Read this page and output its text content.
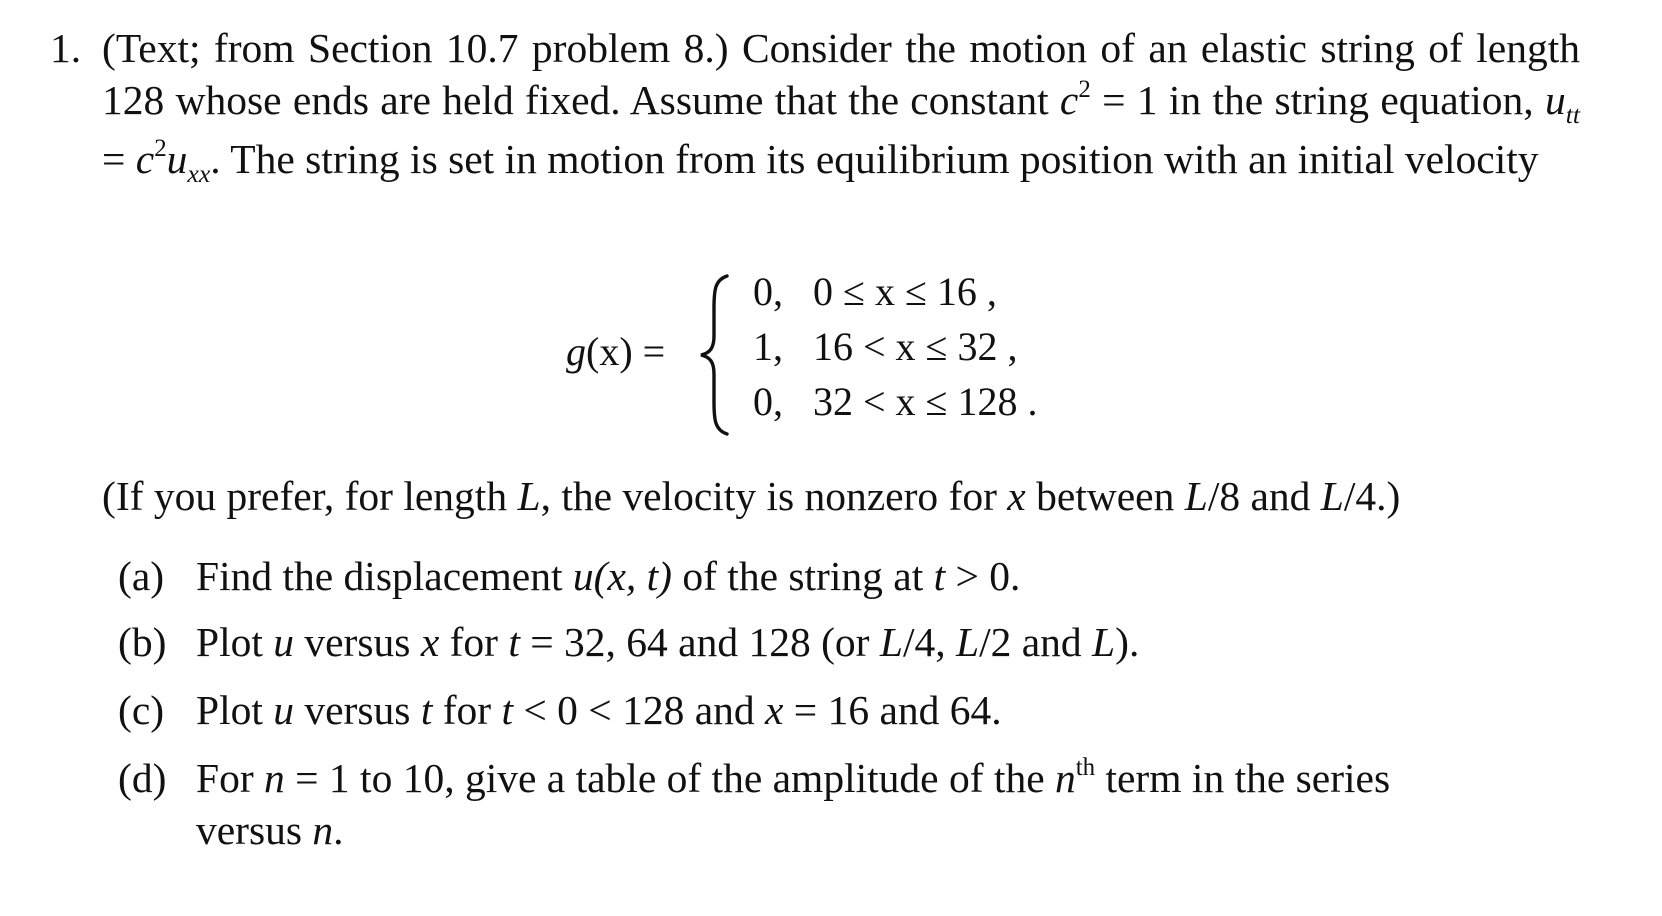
1. (Text; from Section 10.7 problem 8.) Consider the motion of an elastic string of length 128 whose ends are held fixed. Assume that the constant $c^2 = 1$ in the string equation, $u_{tt} = c^2u_{xx}$. The string is set in motion from its equilibrium position with an initial velocity

g(x) =
0, 0 ≤ x ≤ 16 ,
1, 16 < x ≤ 32 ,
0, 32 < x ≤ 128 .
(If you prefer, for length L, the velocity is nonzero for x between L/8 and L/4.)
(a) Find the displacement u(x, t) of the string at t > 0.
(b) Plot u versus x for t = 32, 64 and 128 (or L/4, L/2 and L).
(c) Plot u versus t for t < 0 < 128 and x = 16 and 64.
(d) For n = 1 to 10, give a table of the amplitude of the $n^{th}$ term in the series
versus n.
